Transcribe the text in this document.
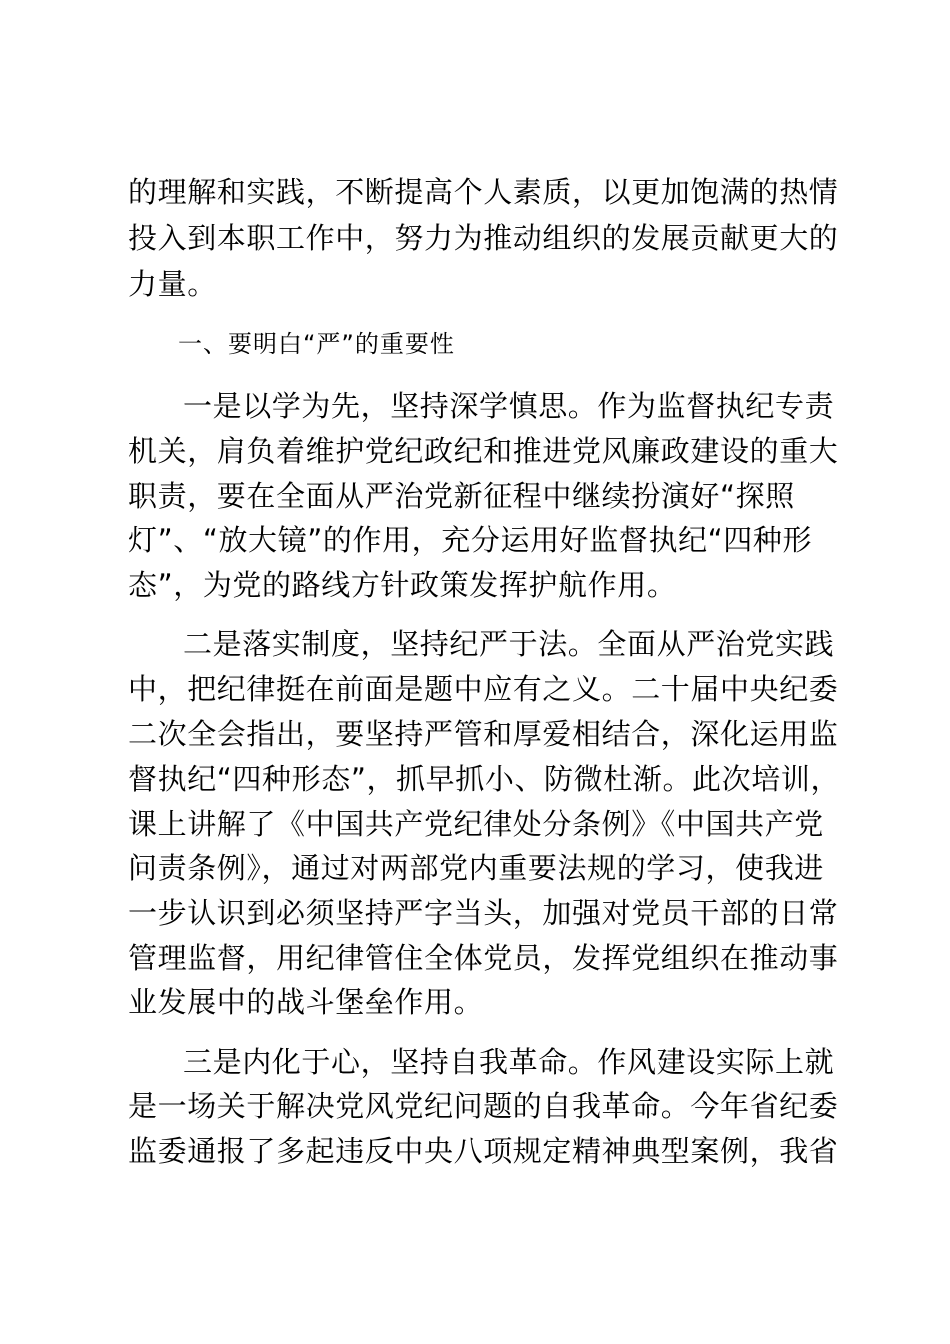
的理解和实践，不断提高个人素质，以更加饱满的热情
投入到本职工作中，努力为推动组织的发展贡献更大的
力量。
一、要明白“严”的重要性
一是以学为先，坚持深学慎思。作为监督执纪专责
机关，肩负着维护党纪政纪和推进党风廉政建设的重大
职责，要在全面从严治党新征程中继续扮演好“探照
灯”、“放大镜”的作用，充分运用好监督执纪“四种形
态”，为党的路线方针政策发挥护航作用。
二是落实制度，坚持纪严于法。全面从严治党实践
中，把纪律挺在前面是题中应有之义。二十届中央纪委
二次全会指出，要坚持严管和厚爱相结合，深化运用监
督执纪“四种形态”，抓早抓小、防微杜渐。此次培训，
课上讲解了《中国共产党纪律处分条例》《中国共产党
问责条例》，通过对两部党内重要法规的学习，使我进
一步认识到必须坚持严字当头，加强对党员干部的日常
管理监督，用纪律管住全体党员，发挥党组织在推动事
业发展中的战斗堡垒作用。
三是内化于心，坚持自我革命。作风建设实际上就
是一场关于解决党风党纪问题的自我革命。今年省纪委
监委通报了多起违反中央八项规定精神典型案例，我省
